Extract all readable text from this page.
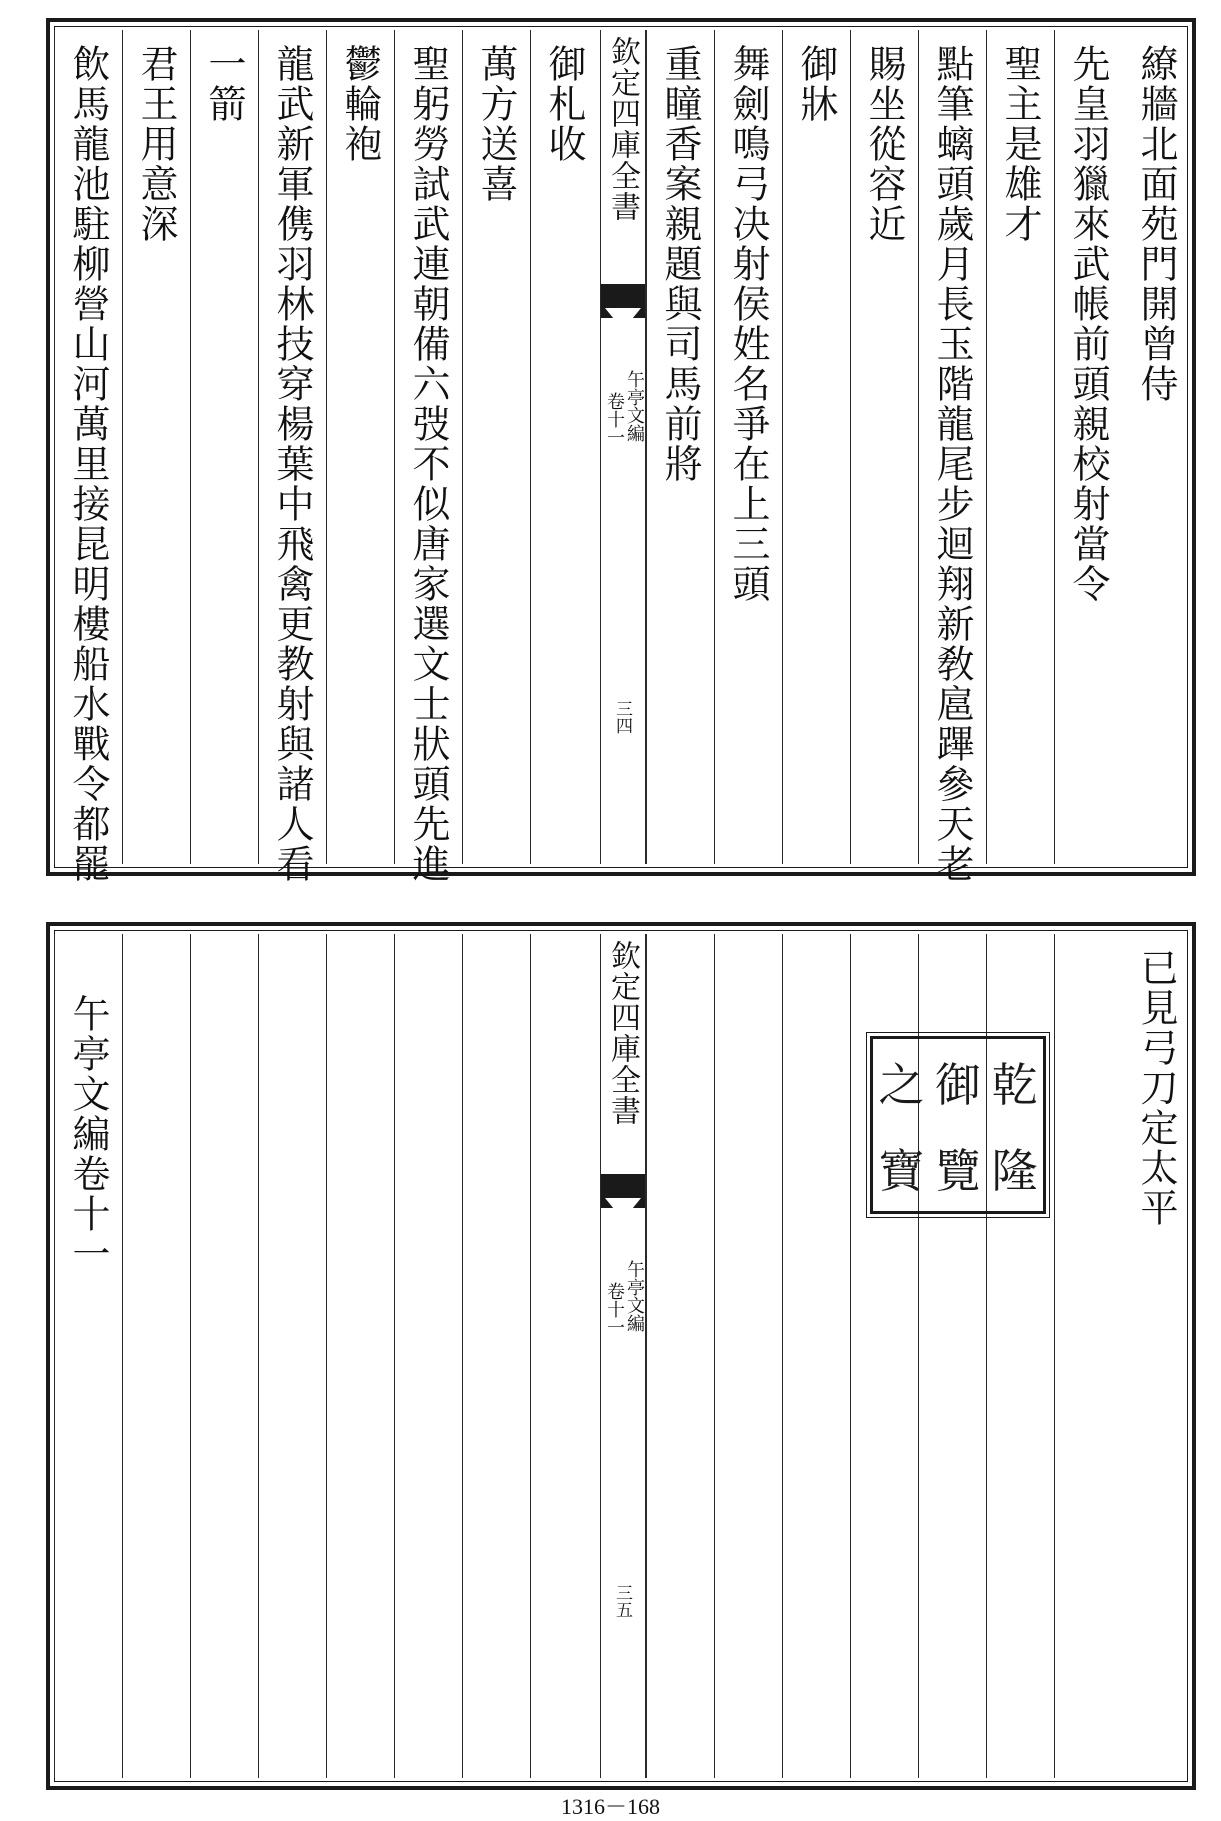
繚牆北面苑門開曾侍
先皇羽獵來武帳前頭親校射當令
聖主是雄才
點筆螭頭歲月長玉階龍尾步迴翔新敎扈蹕參天老
賜坐從容近
御牀
舞劍鳴弓决射侯姓名爭在上三頭
重瞳香案親題與司馬前將
欽定四庫全書
午亭文編
卷十一
三四
御札收
萬方送喜
聖躬勞試武連朝備六弢不似唐家選文士狀頭先進
鬱輪袍
龍武新軍㑺羽林技穿楊葉中飛禽更教射與諸人看
一箭
君王用意深
飲馬龍池駐柳營山河萬里接昆明樓船水戰令都罷
已見弓刀定太平
乾
御
之
隆
覽
寶
欽定四庫全書
午亭文編
卷十一
三五
午亭文編卷十一
1316－168
